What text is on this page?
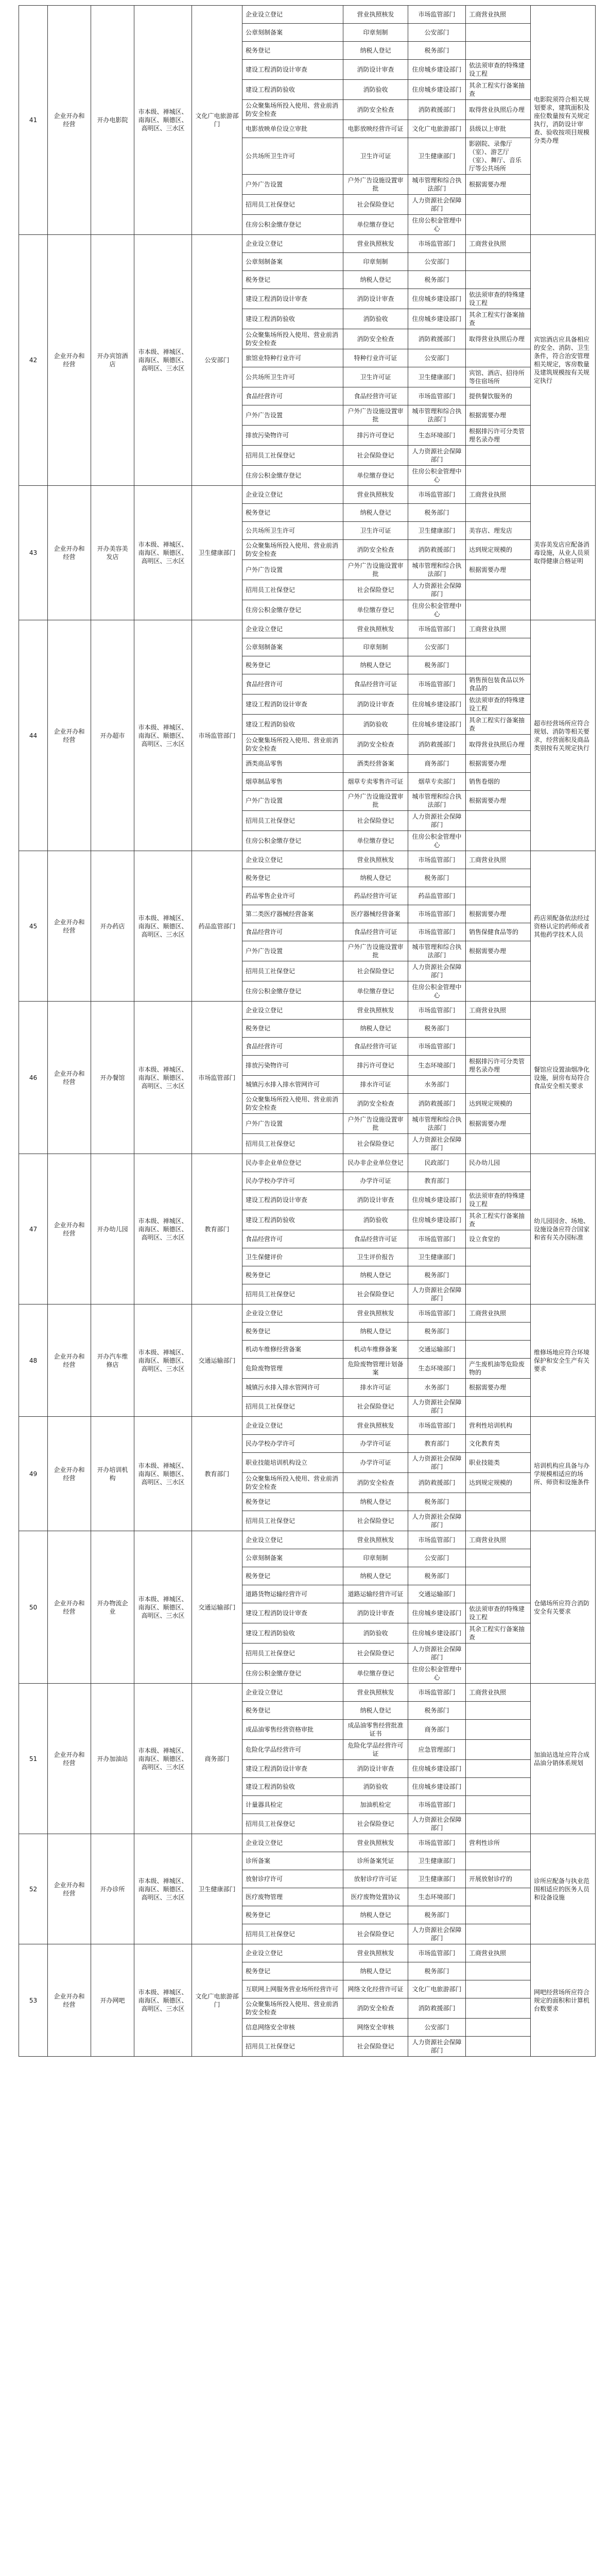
41	企业开办和经营	开办电影院	市本级、禅城区、南海区、顺德区、高明区、三水区	文化广电旅游部门	企业设立登记	营业执照核发	市场监管部门	工商营业执照	电影院须符合相关规划要求，建筑面积及座位数量按有关规定执行，消防设计审查、验收按项目规模分类办理
					公章刻制备案	印章刻制	公安部门		
					税务登记	纳税人登记	税务部门		
					建设工程消防设计审查	消防设计审查	住房城乡建设部门	依法须审查的特殊建设工程	
					建设工程消防验收	消防验收	住房城乡建设部门	其余工程实行备案抽查	
					公众聚集场所投入使用、营业前消防安全检查	消防安全检查	消防救援部门	取得营业执照后办理	
					电影放映单位设立审批	电影放映经营许可证	文化广电旅游部门	县级以上审批	
					公共场所卫生许可	卫生许可证	卫生健康部门	影剧院、录像厅（室）、游艺厅（室）、舞厅、音乐厅等公共场所	
					户外广告设置	户外广告设施设置审批	城市管理和综合执法部门	根据需要办理	
					招用员工社保登记	社会保险登记	人力资源社会保障部门		
					住房公积金缴存登记	单位缴存登记	住房公积金管理中心		
42	企业开办和经营	开办宾馆酒店	市本级、禅城区、南海区、顺德区、高明区、三水区	公安部门	企业设立登记	营业执照核发	市场监管部门	工商营业执照	宾馆酒店应具备相应的安全、消防、卫生条件，符合治安管理相关规定，客房数量及建筑规模按有关规定执行
					公章刻制备案	印章刻制	公安部门		
					税务登记	纳税人登记	税务部门		
					建设工程消防设计审查	消防设计审查	住房城乡建设部门	依法须审查的特殊建设工程	
					建设工程消防验收	消防验收	住房城乡建设部门	其余工程实行备案抽查	
					公众聚集场所投入使用、营业前消防安全检查	消防安全检查	消防救援部门	取得营业执照后办理	
					旅馆业特种行业许可	特种行业许可证	公安部门		
					公共场所卫生许可	卫生许可证	卫生健康部门	宾馆、酒店、招待所等住宿场所	
					食品经营许可	食品经营许可证	市场监管部门	提供餐饮服务的	
					户外广告设置	户外广告设施设置审批	城市管理和综合执法部门	根据需要办理	
					排放污染物许可	排污许可登记	生态环境部门	根据排污许可分类管理名录办理	
					招用员工社保登记	社会保险登记	人力资源社会保障部门		
					住房公积金缴存登记	单位缴存登记	住房公积金管理中心		
43	企业开办和经营	开办美容美发店	市本级、禅城区、南海区、顺德区、高明区、三水区	卫生健康部门	企业设立登记	营业执照核发	市场监管部门	工商营业执照	美容美发店应配备消毒设施，从业人员须取得健康合格证明
					税务登记	纳税人登记	税务部门		
					公共场所卫生许可	卫生许可证	卫生健康部门	美容店、理发店	
					公众聚集场所投入使用、营业前消防安全检查	消防安全检查	消防救援部门	达到规定规模的	
					户外广告设置	户外广告设施设置审批	城市管理和综合执法部门	根据需要办理	
					招用员工社保登记	社会保险登记	人力资源社会保障部门		
					住房公积金缴存登记	单位缴存登记	住房公积金管理中心		
44	企业开办和经营	开办超市	市本级、禅城区、南海区、顺德区、高明区、三水区	市场监管部门	企业设立登记	营业执照核发	市场监管部门	工商营业执照	超市经营场所应符合规划、消防等相关要求，经营面积及商品类别按有关规定执行
					公章刻制备案	印章刻制	公安部门		
					税务登记	纳税人登记	税务部门		
					食品经营许可	食品经营许可证	市场监管部门	销售预包装食品以外食品的	
					建设工程消防设计审查	消防设计审查	住房城乡建设部门	依法须审查的特殊建设工程	
					建设工程消防验收	消防验收	住房城乡建设部门	其余工程实行备案抽查	
					公众聚集场所投入使用、营业前消防安全检查	消防安全检查	消防救援部门	取得营业执照后办理	
					酒类商品零售	酒类经营备案	商务部门	根据需要办理	
					烟草制品零售	烟草专卖零售许可证	烟草专卖部门	销售卷烟的	
					户外广告设置	户外广告设施设置审批	城市管理和综合执法部门	根据需要办理	
					招用员工社保登记	社会保险登记	人力资源社会保障部门		
					住房公积金缴存登记	单位缴存登记	住房公积金管理中心		
45	企业开办和经营	开办药店	市本级、禅城区、南海区、顺德区、高明区、三水区	药品监管部门	企业设立登记	营业执照核发	市场监管部门	工商营业执照	药店须配备依法经过资格认定的药师或者其他药学技术人员
					税务登记	纳税人登记	税务部门		
					药品零售企业许可	药品经营许可证	药品监管部门		
					第二类医疗器械经营备案	医疗器械经营备案	市场监管部门	根据需要办理	
					食品经营许可	食品经营许可证	市场监管部门	销售保健食品等的	
					户外广告设置	户外广告设施设置审批	城市管理和综合执法部门	根据需要办理	
					招用员工社保登记	社会保险登记	人力资源社会保障部门		
					住房公积金缴存登记	单位缴存登记	住房公积金管理中心		
46	企业开办和经营	开办餐馆	市本级、禅城区、南海区、顺德区、高明区、三水区	市场监管部门	企业设立登记	营业执照核发	市场监管部门	工商营业执照	餐馆应设置油烟净化设施，厨房布局符合食品安全相关要求
					税务登记	纳税人登记	税务部门		
					食品经营许可	食品经营许可证	市场监管部门		
					排放污染物许可	排污许可登记	生态环境部门	根据排污许可分类管理名录办理	
					城镇污水排入排水管网许可	排水许可证	水务部门		
					公众聚集场所投入使用、营业前消防安全检查	消防安全检查	消防救援部门	达到规定规模的	
					户外广告设置	户外广告设施设置审批	城市管理和综合执法部门	根据需要办理	
					招用员工社保登记	社会保险登记	人力资源社会保障部门		
47	企业开办和经营	开办幼儿园	市本级、禅城区、南海区、顺德区、高明区、三水区	教育部门	民办非企业单位登记	民办非企业单位登记	民政部门	民办幼儿园	幼儿园园舍、场地、设施设备应符合国家和省有关办园标准
					民办学校办学许可	办学许可证	教育部门		
					建设工程消防设计审查	消防设计审查	住房城乡建设部门	依法须审查的特殊建设工程	
					建设工程消防验收	消防验收	住房城乡建设部门	其余工程实行备案抽查	
					食品经营许可	食品经营许可证	市场监管部门	设立食堂的	
					卫生保健评价	卫生评价报告	卫生健康部门		
					税务登记	纳税人登记	税务部门		
					招用员工社保登记	社会保险登记	人力资源社会保障部门		
48	企业开办和经营	开办汽车维修店	市本级、禅城区、南海区、顺德区、高明区、三水区	交通运输部门	企业设立登记	营业执照核发	市场监管部门	工商营业执照	维修场地应符合环境保护和安全生产有关要求
					税务登记	纳税人登记	税务部门		
					机动车维修经营备案	机动车维修备案	交通运输部门		
					危险废物管理	危险废物管理计划备案	生态环境部门	产生废机油等危险废物的	
					城镇污水排入排水管网许可	排水许可证	水务部门	根据需要办理	
					招用员工社保登记	社会保险登记	人力资源社会保障部门		
49	企业开办和经营	开办培训机构	市本级、禅城区、南海区、顺德区、高明区、三水区	教育部门	企业设立登记	营业执照核发	市场监管部门	营利性培训机构	培训机构应具备与办学规模相适应的场所、师资和设施条件
					民办学校办学许可	办学许可证	教育部门	文化教育类	
					职业技能培训机构设立	办学许可证	人力资源社会保障部门	职业技能类	
					公众聚集场所投入使用、营业前消防安全检查	消防安全检查	消防救援部门	达到规定规模的	
					税务登记	纳税人登记	税务部门		
					招用员工社保登记	社会保险登记	人力资源社会保障部门		
50	企业开办和经营	开办物流企业	市本级、禅城区、南海区、顺德区、高明区、三水区	交通运输部门	企业设立登记	营业执照核发	市场监管部门	工商营业执照	仓储场所应符合消防安全有关要求
					公章刻制备案	印章刻制	公安部门		
					税务登记	纳税人登记	税务部门		
					道路货物运输经营许可	道路运输经营许可证	交通运输部门		
					建设工程消防设计审查	消防设计审查	住房城乡建设部门	依法须审查的特殊建设工程	
					建设工程消防验收	消防验收	住房城乡建设部门	其余工程实行备案抽查	
					招用员工社保登记	社会保险登记	人力资源社会保障部门		
					住房公积金缴存登记	单位缴存登记	住房公积金管理中心		
51	企业开办和经营	开办加油站	市本级、禅城区、南海区、顺德区、高明区、三水区	商务部门	企业设立登记	营业执照核发	市场监管部门	工商营业执照	加油站选址应符合成品油分销体系规划
					税务登记	纳税人登记	税务部门		
					成品油零售经营资格审批	成品油零售经营批准证书	商务部门		
					危险化学品经营许可	危险化学品经营许可证	应急管理部门		
					建设工程消防设计审查	消防设计审查	住房城乡建设部门		
					建设工程消防验收	消防验收	住房城乡建设部门		
					计量器具检定	加油机检定	市场监管部门		
					招用员工社保登记	社会保险登记	人力资源社会保障部门		
52	企业开办和经营	开办诊所	市本级、禅城区、南海区、顺德区、高明区、三水区	卫生健康部门	企业设立登记	营业执照核发	市场监管部门	营利性诊所	诊所应配备与执业范围相适应的医务人员和设备设施
					诊所备案	诊所备案凭证	卫生健康部门		
					放射诊疗许可	放射诊疗许可证	卫生健康部门	开展放射诊疗的	
					医疗废物管理	医疗废物处置协议	生态环境部门		
					税务登记	纳税人登记	税务部门		
					招用员工社保登记	社会保险登记	人力资源社会保障部门		
53	企业开办和经营	开办网吧	市本级、禅城区、南海区、顺德区、高明区、三水区	文化广电旅游部门	企业设立登记	营业执照核发	市场监管部门	工商营业执照	网吧经营场所应符合规定的面积和计算机台数要求
					税务登记	纳税人登记	税务部门		
					互联网上网服务营业场所经营许可	网络文化经营许可证	文化广电旅游部门		
					公众聚集场所投入使用、营业前消防安全检查	消防安全检查	消防救援部门		
					信息网络安全审核	网络安全审核	公安部门		
					招用员工社保登记	社会保险登记	人力资源社会保障部门		
